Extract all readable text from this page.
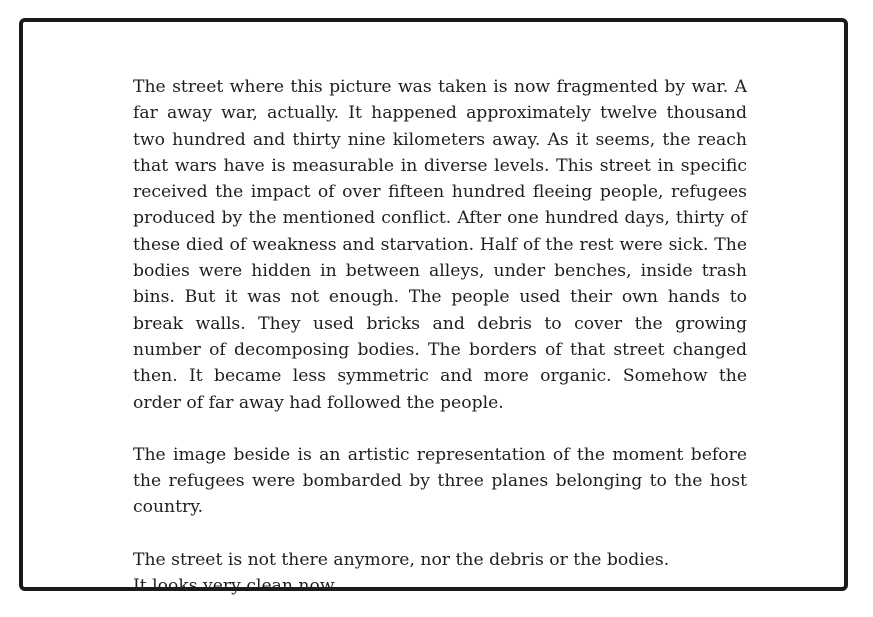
The street where this picture was taken is now fragmented by war. A far away war, actually. It happened approximately twelve thousand two hundred and thirty nine kilometers away. As it seems, the reach that wars have is measurable in diverse levels. This street in specific received the impact of over fifteen hundred fleeing people, refugees produced by the mentioned conflict. After one hundred days, thirty of these died of weakness and starvation. Half of the rest were sick. The bodies were hidden in between alleys, under benches, inside trash bins. But it was not enough. The people used their own hands to break walls. They used bricks and debris to cover the growing number of decomposing bodies. The borders of that street changed then. It became less symmetric and more organic. Somehow the order of far away had followed the people.

The image beside is an artistic representation of the moment before the refugees were bombarded by three planes belonging to the host country.

The street is not there anymore, nor the debris or the bodies.
It looks very clean now.
